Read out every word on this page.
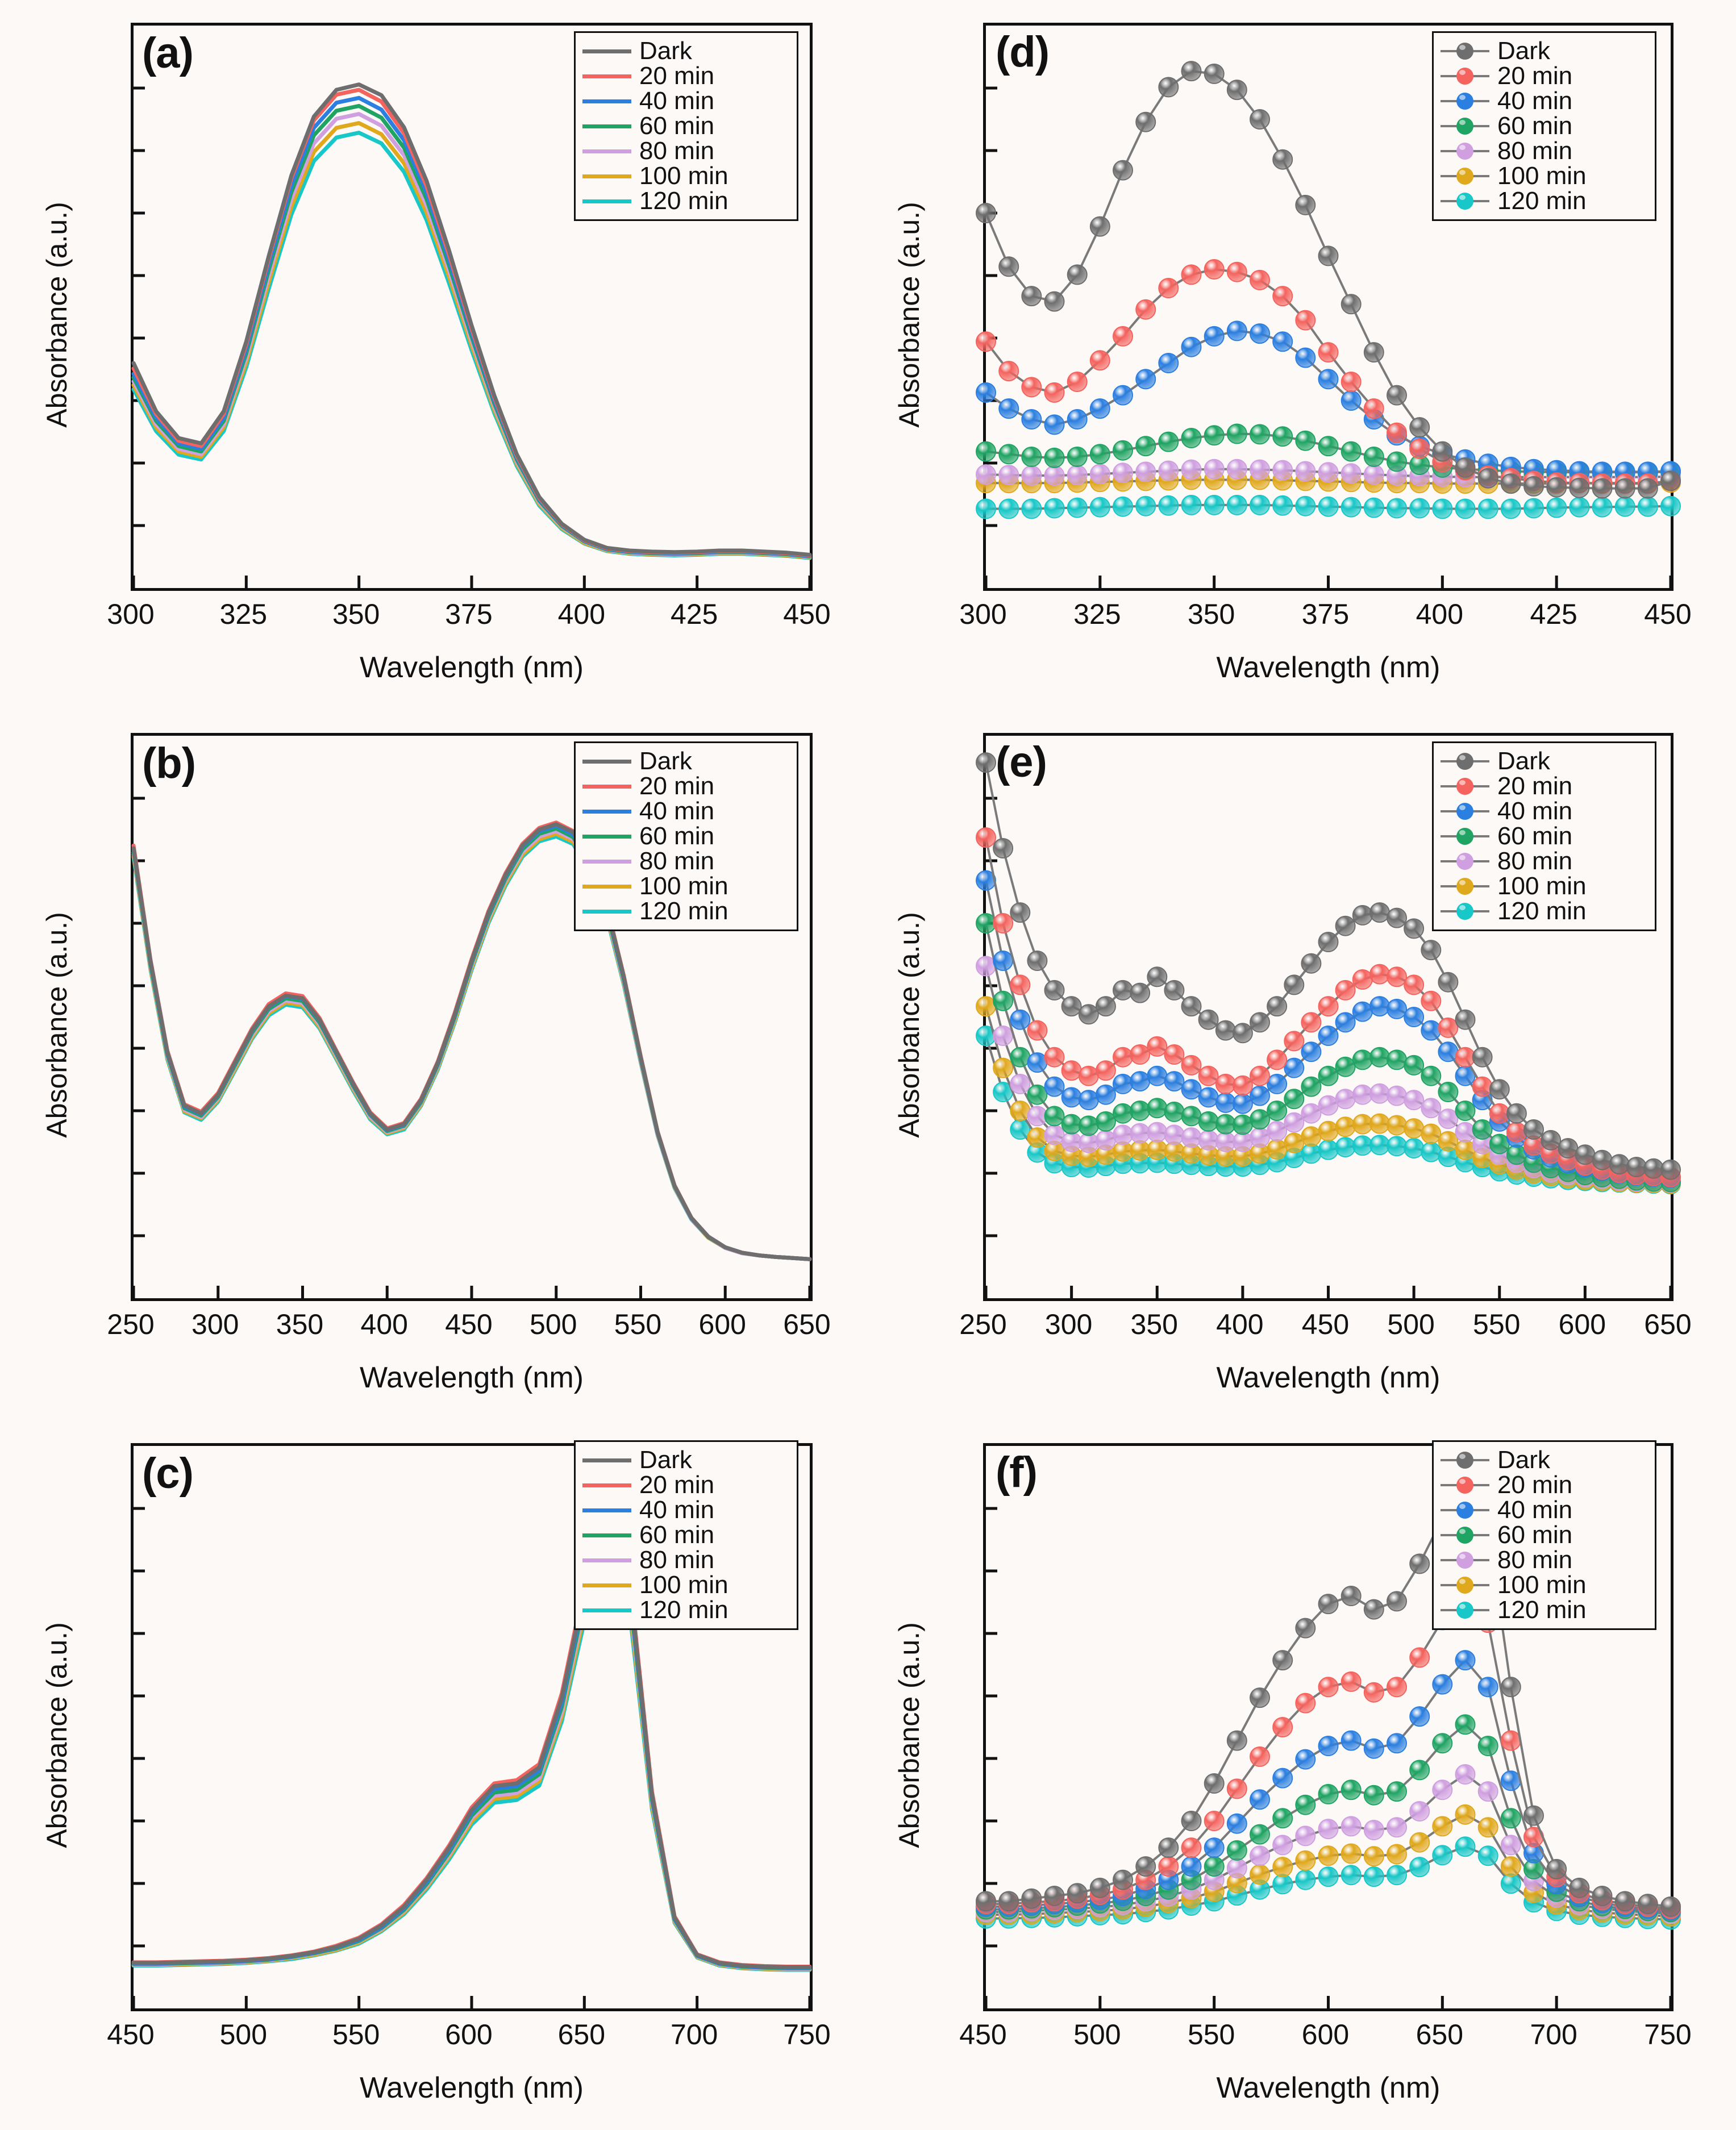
(a)
Absorbance (a.u.)
Wavelength (nm)
300 325 350 375 400 425 450
Dark
20 min
40 min
60 min
80 min
100 min
120 min
(d)
Absorbance (a.u.)
Wavelength (nm)
300 325 350 375 400 425 450
Dark
20 min
40 min
60 min
80 min
100 min
120 min
(b)
Absorbance (a.u.)
Wavelength (nm)
250 300 350 400 450 500 550 600 650
Dark
20 min
40 min
60 min
80 min
100 min
120 min
(e)
Absorbance (a.u.)
Wavelength (nm)
250 300 350 400 450 500 550 600 650
Dark
20 min
40 min
60 min
80 min
100 min
120 min
(c)
Absorbance (a.u.)
Wavelength (nm)
450 500 550 600 650 700 750
Dark
20 min
40 min
60 min
80 min
100 min
120 min
(f)
Absorbance (a.u.)
Wavelength (nm)
450 500 550 600 650 700 750
Dark
20 min
40 min
60 min
80 min
100 min
120 min
